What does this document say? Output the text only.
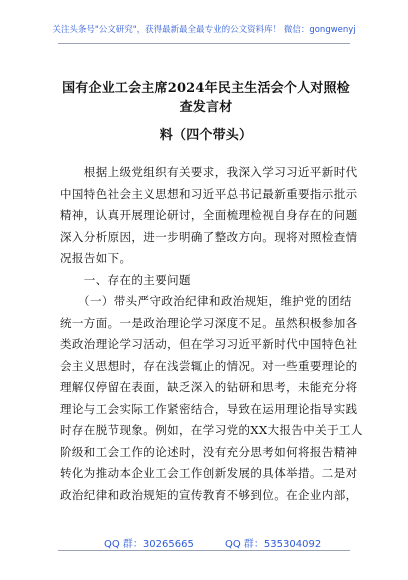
关注头条号"公文研究"，获得最新最全最专业的公文资料库！ 微信：gongwenyj
国有企业工会主席2024年民主生活会个人对照检查发言材
料（四个带头）
　　根据上级党组织有关要求，我深入学习习近平新时代
中国特色社会主义思想和习近平总书记最新重要指示批示
精神，认真开展理论研讨，全面梳理检视自身存在的问题
深入分析原因，进一步明确了整改方向。现将对照检查情
况报告如下。
　　一、存在的主要问题
　　（一）带头严守政治纪律和政治规矩，维护党的团结
统一方面。一是政治理论学习深度不足。虽然积极参加各
类政治理论学习活动，但在学习习近平新时代中国特色社
会主义思想时，存在浅尝辄止的情况。对一些重要理论的
理解仅停留在表面，缺乏深入的钻研和思考，未能充分将
理论与工会实际工作紧密结合，导致在运用理论指导实践
时存在脱节现象。例如，在学习党的XX大报告中关于工人
阶级和工会工作的论述时，没有充分思考如何将报告精神
转化为推动本企业工会工作创新发展的具体举措。二是对
政治纪律和政治规矩的宣传教育不够到位。在企业内部，
QQ 群：30265665	QQ 群：535304092
